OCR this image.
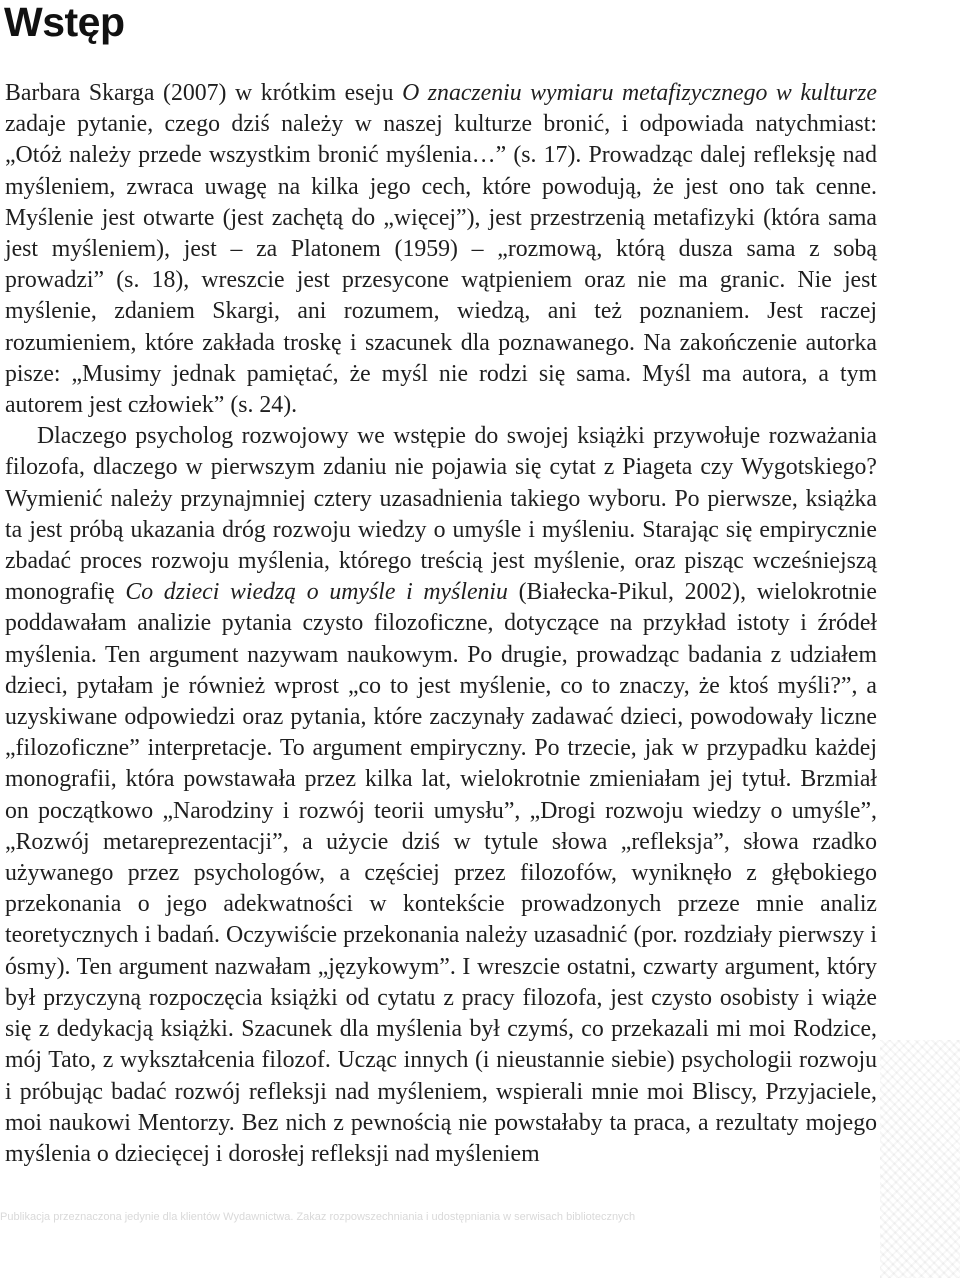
Wstęp

Barbara Skarga (2007) w krótkim eseju O znaczeniu wymiaru metafizycznego w kulturze zadaje pytanie, czego dziś należy w naszej kulturze bronić, i odpowiada natychmiast: „Otóż należy przede wszystkim bronić myślenia…” (s. 17). Prowadząc dalej refleksję nad myśleniem, zwraca uwagę na kilka jego cech, które powodują, że jest ono tak cenne. Myślenie jest otwarte (jest zachętą do „więcej”), jest przestrzenią metafizyki (która sama jest myśleniem), jest – za Platonem (1959) – „rozmową, którą dusza sama z sobą prowadzi” (s. 18), wreszcie jest przesycone wątpieniem oraz nie ma granic. Nie jest myślenie, zdaniem Skargi, ani rozumem, wiedzą, ani też poznaniem. Jest raczej rozumieniem, które zakłada troskę i szacunek dla poznawanego. Na zakończenie autorka pisze: „Musimy jednak pamiętać, że myśl nie rodzi się sama. Myśl ma autora, a tym autorem jest człowiek” (s. 24).

Dlaczego psycholog rozwojowy we wstępie do swojej książki przywołuje rozważania filozofa, dlaczego w pierwszym zdaniu nie pojawia się cytat z Piageta czy Wygotskiego? Wymienić należy przynajmniej cztery uzasadnienia takiego wyboru. Po pierwsze, książka ta jest próbą ukazania dróg rozwoju wiedzy o umyśle i myśleniu. Starając się empirycznie zbadać proces rozwoju myślenia, którego treścią jest myślenie, oraz pisząc wcześniejszą monografię Co dzieci wiedzą o umyśle i myśleniu (Białecka-Pikul, 2002), wielokrotnie poddawałam analizie pytania czysto filozoficzne, dotyczące na przykład istoty i źródeł myślenia. Ten argument nazywam naukowym. Po drugie, prowadząc badania z udziałem dzieci, pytałam je również wprost „co to jest myślenie, co to znaczy, że ktoś myśli?”, a uzyskiwane odpowiedzi oraz pytania, które zaczynały zadawać dzieci, powodowały liczne „filozoficzne” interpretacje. To argument empiryczny. Po trzecie, jak w przypadku każdej monografii, która powstawała przez kilka lat, wielokrotnie zmieniałam jej tytuł. Brzmiał on początkowo „Narodziny i rozwój teorii umysłu”, „Drogi rozwoju wiedzy o umyśle”, „Rozwój metareprezentacji”, a użycie dziś w tytule słowa „refleksja”, słowa rzadko używanego przez psychologów, a częściej przez filozofów, wyniknęło z głębokiego przekonania o jego adekwatności w kontekście prowadzonych przeze mnie analiz teoretycznych i badań. Oczywiście przekonania należy uzasadnić (por. rozdziały pierwszy i ósmy). Ten argument nazwałam „językowym”. I wreszcie ostatni, czwarty argument, który był przyczyną rozpoczęcia książki od cytatu z pracy filozofa, jest czysto osobisty i wiąże się z dedykacją książki. Szacunek dla myślenia był czymś, co przekazali mi moi Rodzice, mój Tato, z wykształcenia filozof. Ucząc innych (i nieustannie siebie) psychologii rozwoju i próbując badać rozwój refleksji nad myśleniem, wspierali mnie moi Bliscy, Przyjaciele, moi naukowi Mentorzy. Bez nich z pewnością nie powstałaby ta praca, a rezultaty mojego myślenia o dziecięcej i dorosłej refleksji nad myśleniem

Publikacja przeznaczona jedynie dla klientów Wydawnictwa. Zakaz rozpowszechniania i udostępniania w serwisach bibliotecznych
